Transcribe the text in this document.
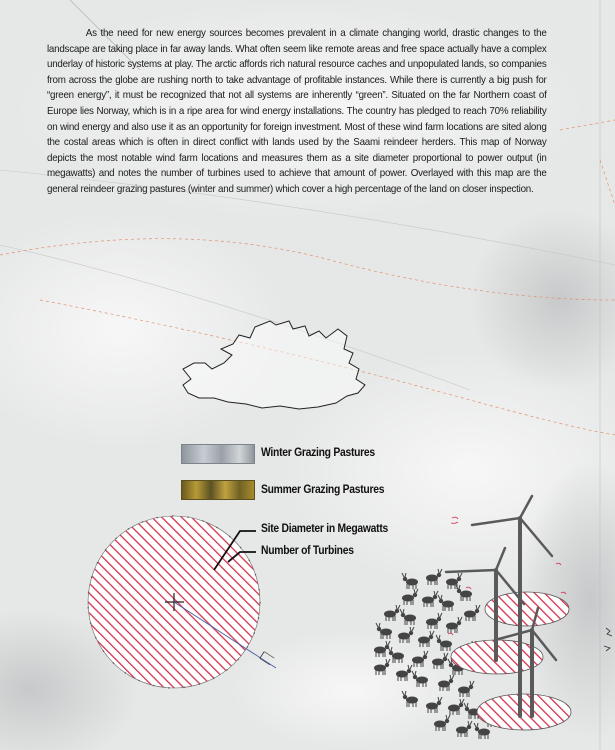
As the need for new energy sources becomes prevalent in a climate changing world, drastic changes to the landscape are taking place in far away lands. What often seem like remote areas and free space actually have a complex underlay of historic systems at play. The arctic affords rich natural resource caches and unpopulated lands, so companies from across the globe are rushing north to take advantage of profitable instances. While there is currently a big push for “green energy”, it must be recognized that not all systems are inherently “green”. Situated on the far Northern coast of Europe lies Norway, which is in a ripe area for wind energy installations. The country has pledged to reach 70% reliability on wind energy and also use it as an opportunity for foreign investment. Most of these wind farm locations are sited along the costal areas which is often in direct conflict with lands used by the Saami reindeer herders. This map of Norway depicts the most notable wind farm locations and measures them as a site diameter proportional to power output (in megawatts) and notes the number of turbines used to achieve that amount of power. Overlayed with this map are the general reindeer grazing pastures (winter and summer) which cover a high percentage of the land on closer inspection.

Winter Grazing Pastures
Summer Grazing Pastures
Site Diameter in Megawatts
Number of Turbines
